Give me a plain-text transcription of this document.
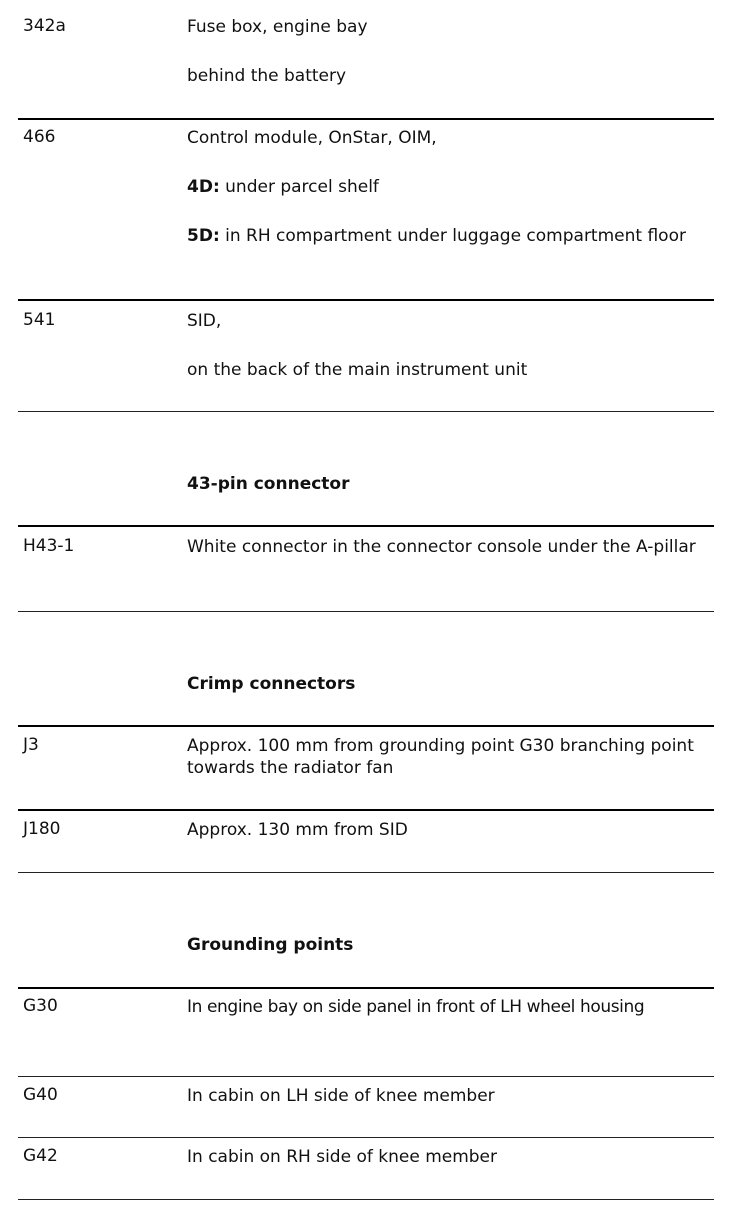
342a	Fuse box, engine bay

behind the battery

466	Control module, OnStar, OIM,

4D: under parcel shelf

5D: in RH compartment under luggage compartment floor

541	SID,

on the back of the main instrument unit

43-pin connector
H43-1	White connector in the connector console under the A-pillar

Crimp connectors
J3	Approx. 100 mm from grounding point G30 branching point towards the radiator fan

J180	Approx. 130 mm from SID

Grounding points
G30	In engine bay on side panel in front of LH wheel housing

G40	In cabin on LH side of knee member

G42	In cabin on RH side of knee member
